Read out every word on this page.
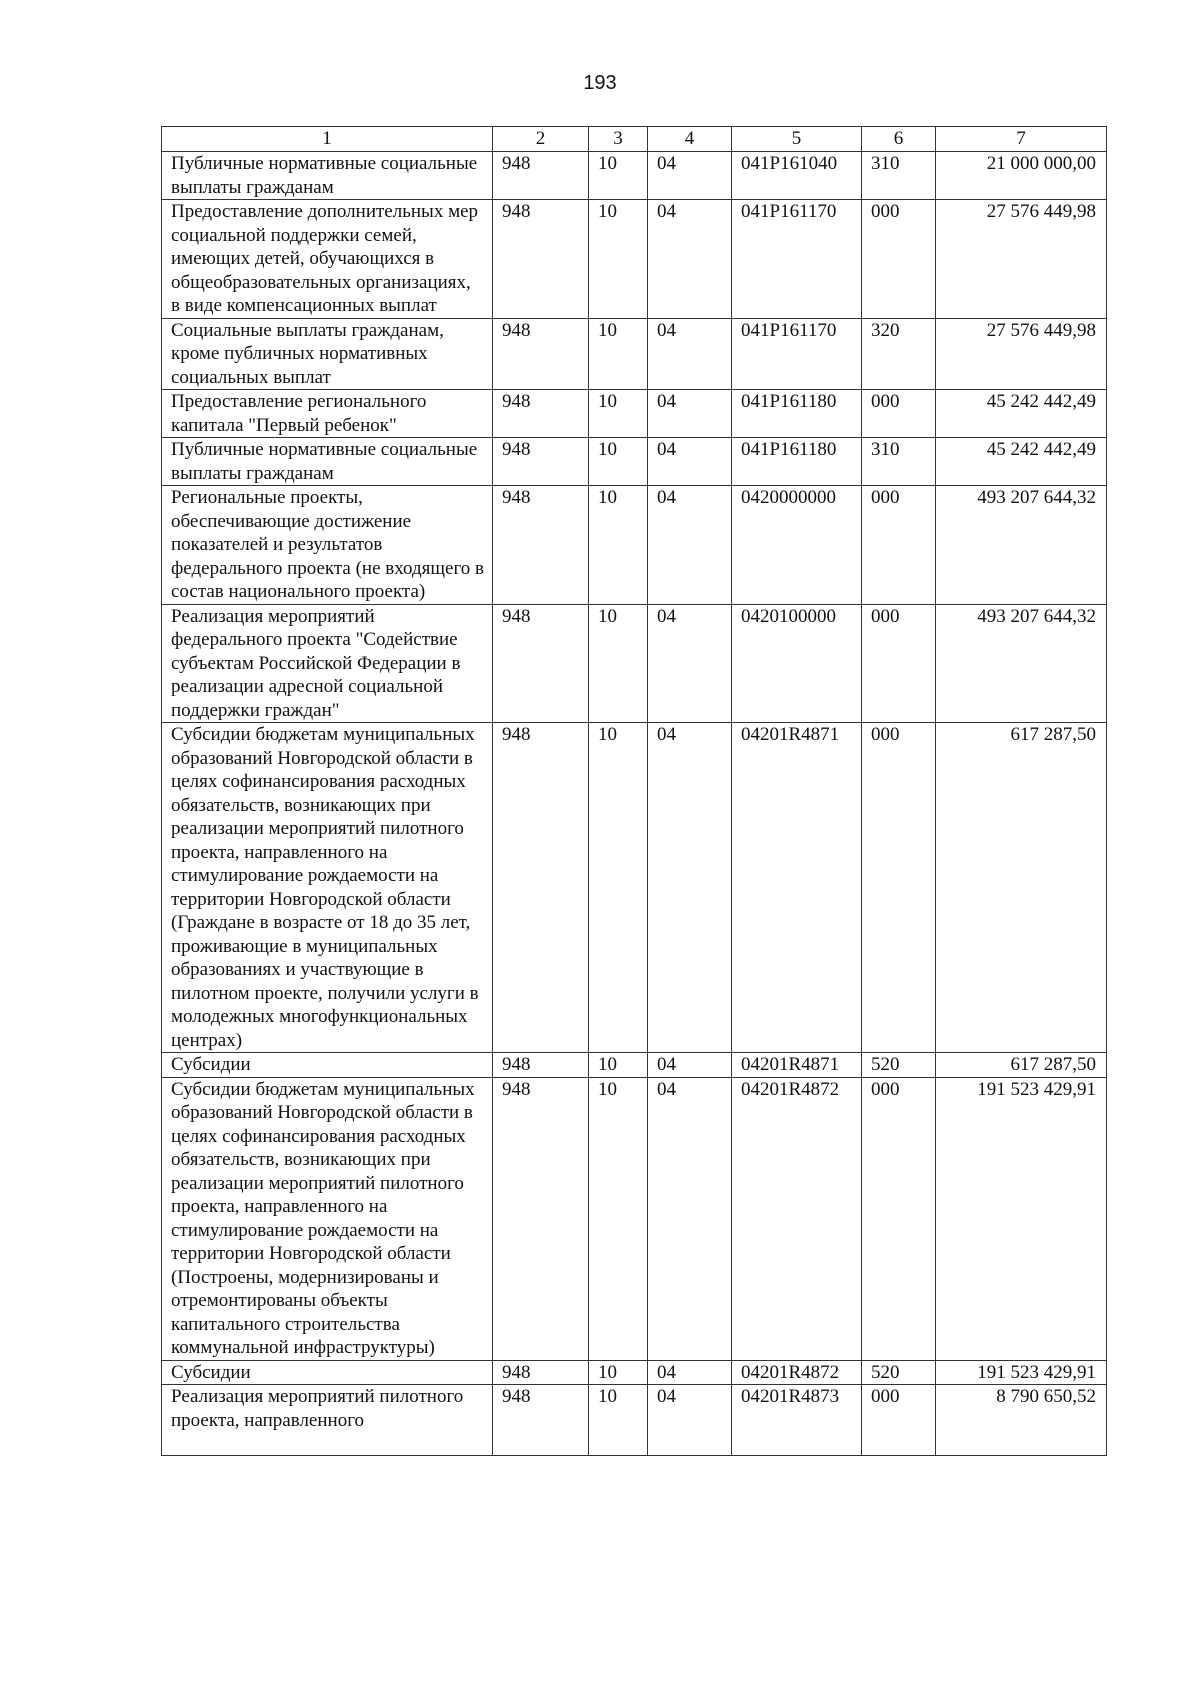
193
1	2	3	4	5	6	7
Публичные нормативные социальные выплаты гражданам	948	10	04	041P161040	310	21 000 000,00
Предоставление дополнительных мер социальной поддержки семей, имеющих детей, обучающихся в общеобразовательных организациях, в виде компенсационных выплат	948	10	04	041P161170	000	27 576 449,98
Социальные выплаты гражданам, кроме публичных нормативных социальных выплат	948	10	04	041P161170	320	27 576 449,98
Предоставление регионального капитала "Первый ребенок"	948	10	04	041P161180	000	45 242 442,49
Публичные нормативные социальные выплаты гражданам	948	10	04	041P161180	310	45 242 442,49
Региональные проекты, обеспечивающие достижение показателей и результатов федерального проекта (не входящего в состав национального проекта)	948	10	04	0420000000	000	493 207 644,32
Реализация мероприятий федерального проекта "Содействие субъектам Российской Федерации в реализации адресной социальной поддержки граждан"	948	10	04	0420100000	000	493 207 644,32
Субсидии бюджетам муниципальных образований Новгородской области в целях софинансирования расходных обязательств, возникающих при реализации мероприятий пилотного проекта, направленного на стимулирование рождаемости на территории Новгородской области (Граждане в возрасте от 18 до 35 лет, проживающие в муниципальных образованиях и участвующие в пилотном проекте, получили услуги в молодежных многофункциональных центрах)	948	10	04	04201R4871	000	617 287,50
Субсидии	948	10	04	04201R4871	520	617 287,50
Субсидии бюджетам муниципальных образований Новгородской области в целях софинансирования расходных обязательств, возникающих при реализации мероприятий пилотного проекта, направленного на стимулирование рождаемости на территории Новгородской области (Построены, модернизированы и отремонтированы объекты капитального строительства коммунальной инфраструктуры)	948	10	04	04201R4872	000	191 523 429,91
Субсидии	948	10	04	04201R4872	520	191 523 429,91
Реализация мероприятий пилотного проекта, направленного	948	10	04	04201R4873	000	8 790 650,52
